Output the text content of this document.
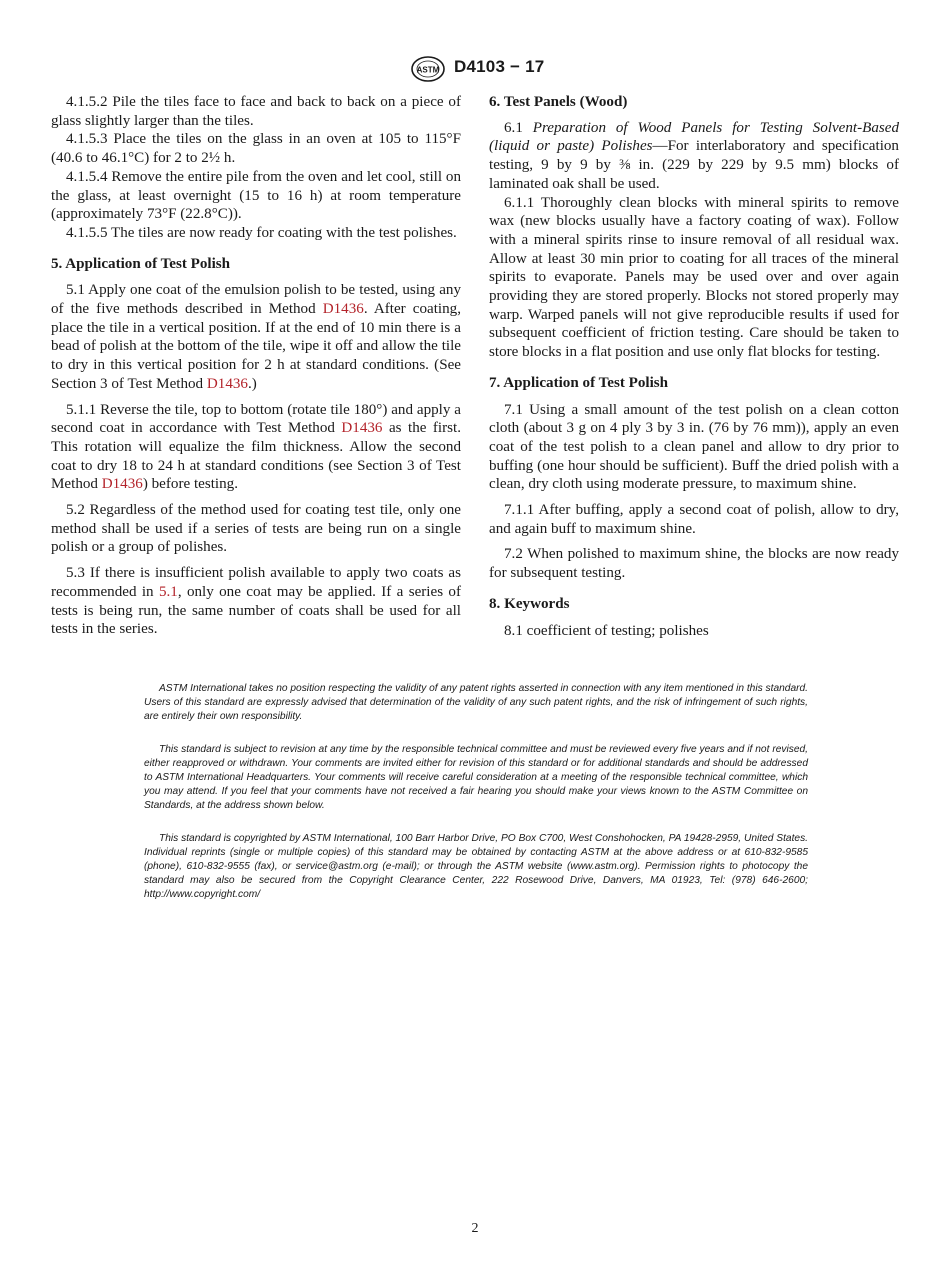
ASTM D4103 − 17

4.1.5.2 Pile the tiles face to face and back to back on a piece of glass slightly larger than the tiles.

4.1.5.3 Place the tiles on the glass in an oven at 105 to 115°F (40.6 to 46.1°C) for 2 to 2½ h.

4.1.5.4 Remove the entire pile from the oven and let cool, still on the glass, at least overnight (15 to 16 h) at room temperature (approximately 73°F (22.8°C)).

4.1.5.5 The tiles are now ready for coating with the test polishes.

5. Application of Test Polish

5.1 Apply one coat of the emulsion polish to be tested, using any of the five methods described in Method D1436. After coating, place the tile in a vertical position. If at the end of 10 min there is a bead of polish at the bottom of the tile, wipe it off and allow the tile to dry in this vertical position for 2 h at standard conditions. (See Section 3 of Test Method D1436.)

5.1.1 Reverse the tile, top to bottom (rotate tile 180°) and apply a second coat in accordance with Test Method D1436 as the first. This rotation will equalize the film thickness. Allow the second coat to dry 18 to 24 h at standard conditions (see Section 3 of Test Method D1436) before testing.

5.2 Regardless of the method used for coating test tile, only one method shall be used if a series of tests are being run on a single polish or a group of polishes.

5.3 If there is insufficient polish available to apply two coats as recommended in 5.1, only one coat may be applied. If a series of tests is being run, the same number of coats shall be used for all tests in the series.

6. Test Panels (Wood)

6.1 Preparation of Wood Panels for Testing Solvent-Based (liquid or paste) Polishes—For interlaboratory and specification testing, 9 by 9 by ⅜ in. (229 by 229 by 9.5 mm) blocks of laminated oak shall be used.

6.1.1 Thoroughly clean blocks with mineral spirits to remove wax (new blocks usually have a factory coating of wax). Follow with a mineral spirits rinse to insure removal of all residual wax. Allow at least 30 min prior to coating for all traces of the mineral spirits to evaporate. Panels may be used over and over again providing they are stored properly. Blocks not stored properly may warp. Warped panels will not give reproducible results if used for subsequent coefficient of friction testing. Care should be taken to store blocks in a flat position and use only flat blocks for testing.

7. Application of Test Polish

7.1 Using a small amount of the test polish on a clean cotton cloth (about 3 g on 4 ply 3 by 3 in. (76 by 76 mm)), apply an even coat of the test polish to a clean panel and allow to dry prior to buffing (one hour should be sufficient). Buff the dried polish with a clean, dry cloth using moderate pressure, to maximum shine.

7.1.1 After buffing, apply a second coat of polish, allow to dry, and again buff to maximum shine.

7.2 When polished to maximum shine, the blocks are now ready for subsequent testing.

8. Keywords

8.1 coefficient of testing; polishes

ASTM International takes no position respecting the validity of any patent rights asserted in connection with any item mentioned in this standard. Users of this standard are expressly advised that determination of the validity of any such patent rights, and the risk of infringement of such rights, are entirely their own responsibility.

This standard is subject to revision at any time by the responsible technical committee and must be reviewed every five years and if not revised, either reapproved or withdrawn. Your comments are invited either for revision of this standard or for additional standards and should be addressed to ASTM International Headquarters. Your comments will receive careful consideration at a meeting of the responsible technical committee, which you may attend. If you feel that your comments have not received a fair hearing you should make your views known to the ASTM Committee on Standards, at the address shown below.

This standard is copyrighted by ASTM International, 100 Barr Harbor Drive, PO Box C700, West Conshohocken, PA 19428-2959, United States. Individual reprints (single or multiple copies) of this standard may be obtained by contacting ASTM at the above address or at 610-832-9585 (phone), 610-832-9555 (fax), or service@astm.org (e-mail); or through the ASTM website (www.astm.org). Permission rights to photocopy the standard may also be secured from the Copyright Clearance Center, 222 Rosewood Drive, Danvers, MA 01923, Tel: (978) 646-2600; http://www.copyright.com/

2
